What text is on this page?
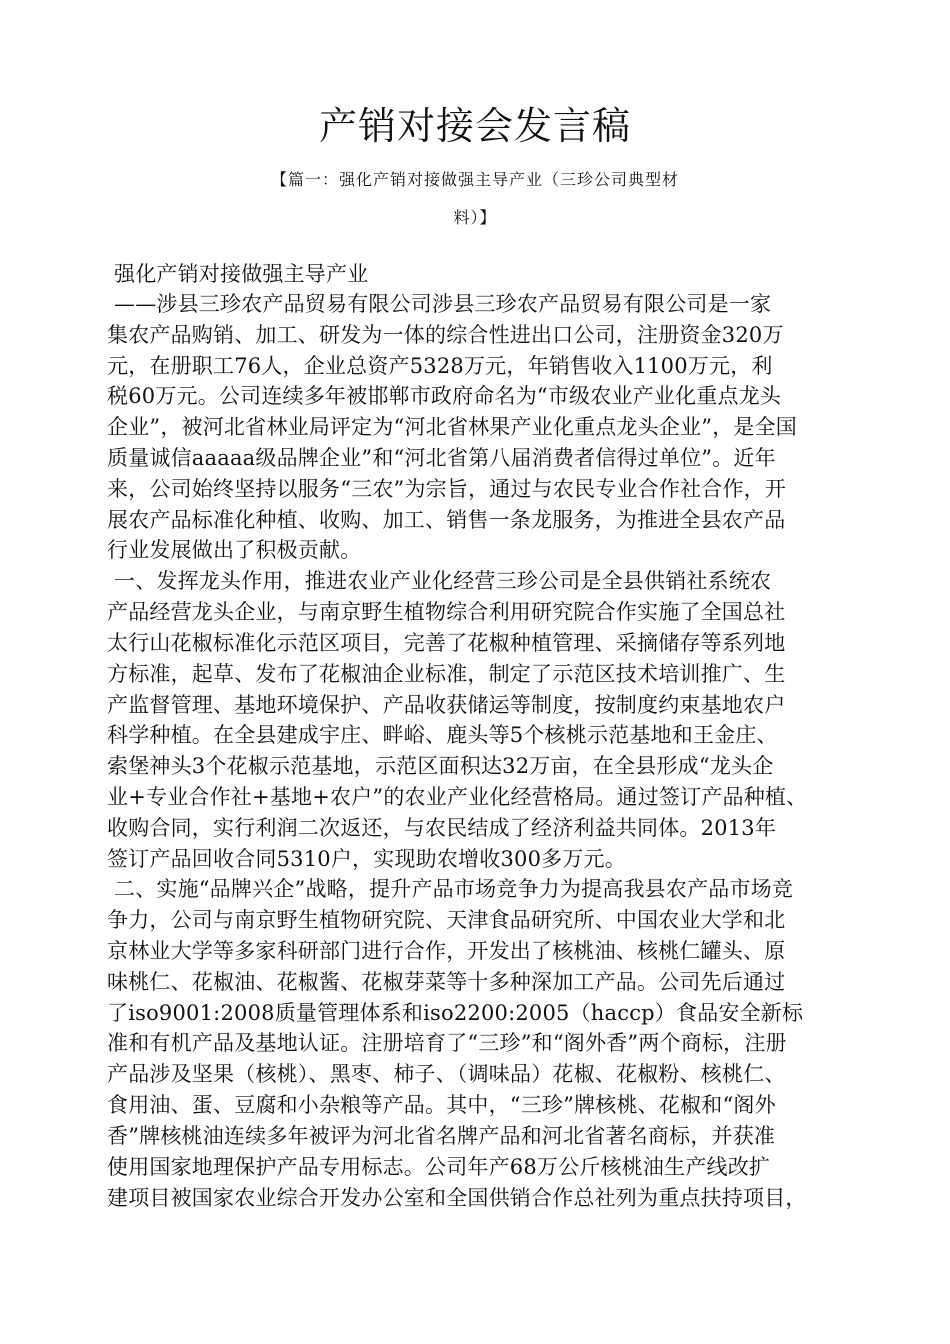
产销对接会发言稿
【篇一：强化产销对接做强主导产业（三珍公司典型材
料）】
强化产销对接做强主导产业
——涉县三珍农产品贸易有限公司涉县三珍农产品贸易有限公司是一家
集农产品购销、加工、研发为一体的综合性进出口公司，注册资金320万
元，在册职工76人，企业总资产5328万元，年销售收入1100万元，利
税60万元。公司连续多年被邯郸市政府命名为“市级农业产业化重点龙头
企业”，被河北省林业局评定为“河北省林果产业化重点龙头企业”，是全国
质量诚信aaaaa级品牌企业”和“河北省第八届消费者信得过单位”。近年
来，公司始终坚持以服务“三农”为宗旨，通过与农民专业合作社合作，开
展农产品标准化种植、收购、加工、销售一条龙服务，为推进全县农产品
行业发展做出了积极贡献。
一、发挥龙头作用，推进农业产业化经营三珍公司是全县供销社系统农
产品经营龙头企业，与南京野生植物综合利用研究院合作实施了全国总社
太行山花椒标准化示范区项目，完善了花椒种植管理、采摘储存等系列地
方标准，起草、发布了花椒油企业标准，制定了示范区技术培训推广、生
产监督管理、基地环境保护、产品收获储运等制度，按制度约束基地农户
科学种植。在全县建成宇庄、畔峪、鹿头等5个核桃示范基地和王金庄、
索堡神头3个花椒示范基地，示范区面积达32万亩，在全县形成“龙头企
业+专业合作社+基地+农户”的农业产业化经营格局。通过签订产品种植、
收购合同，实行利润二次返还，与农民结成了经济利益共同体。2013年
签订产品回收合同5310户，实现助农增收300多万元。
二、实施“品牌兴企”战略，提升产品市场竞争力为提高我县农产品市场竞
争力，公司与南京野生植物研究院、天津食品研究所、中国农业大学和北
京林业大学等多家科研部门进行合作，开发出了核桃油、核桃仁罐头、原
味桃仁、花椒油、花椒酱、花椒芽菜等十多种深加工产品。公司先后通过
了iso9001:2008质量管理体系和iso2200:2005（haccp）食品安全新标
准和有机产品及基地认证。注册培育了“三珍”和“阁外香”两个商标，注册
产品涉及坚果（核桃）、黑枣、柿子、（调味品）花椒、花椒粉、核桃仁、
食用油、蛋、豆腐和小杂粮等产品。其中，“三珍”牌核桃、花椒和“阁外
香”牌核桃油连续多年被评为河北省名牌产品和河北省著名商标，并获准
使用国家地理保护产品专用标志。公司年产68万公斤核桃油生产线改扩
建项目被国家农业综合开发办公室和全国供销合作总社列为重点扶持项目，
